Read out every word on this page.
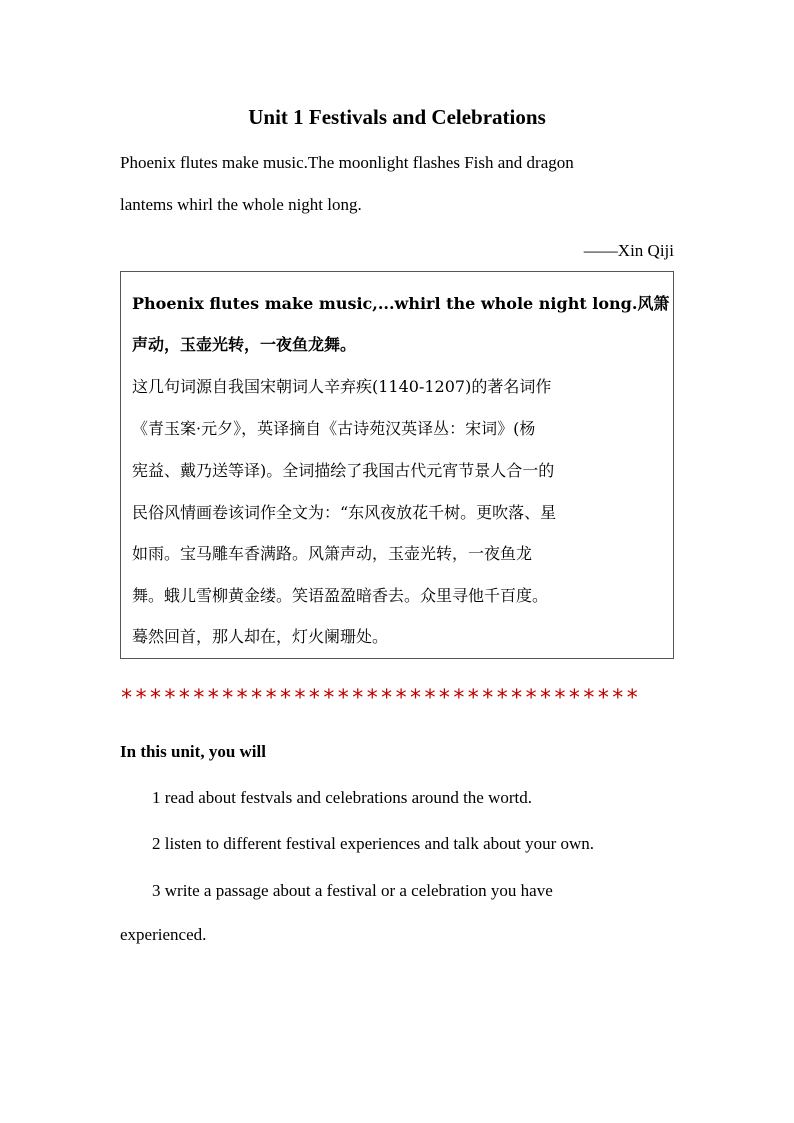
Unit 1 Festivals and Celebrations

Phoenix flutes make music.The moonlight flashes Fish and dragon

lantems whirl the whole night long.

——Xin Qiji

Phoenix flutes make music,...whirl the whole night long.风箫

声动，玉壶光转，一夜鱼龙舞。

这几句词源自我国宋朝词人辛弃疾(1140-1207)的著名词作

《青玉案·元夕》，英译摘自《古诗苑汉英译丛：宋词》(杨

宪益、戴乃送等译)。全词描绘了我国古代元宵节景人合一的

民俗风情画卷该词作全文为：“东风夜放花千树。更吹落、星

如雨。宝马雕车香满路。风箫声动，玉壶光转，一夜鱼龙

舞。蛾儿雪柳黄金缕。笑语盈盈暗香去。众里寻他千百度。

蓦然回首，那人却在，灯火阑珊处。

************************************

In this unit, you will

1 read about festvals and celebrations around the wortd.

2 listen to different festival experiences and talk about your own.

3 write a passage about a festival or a celebration you have

experienced.
